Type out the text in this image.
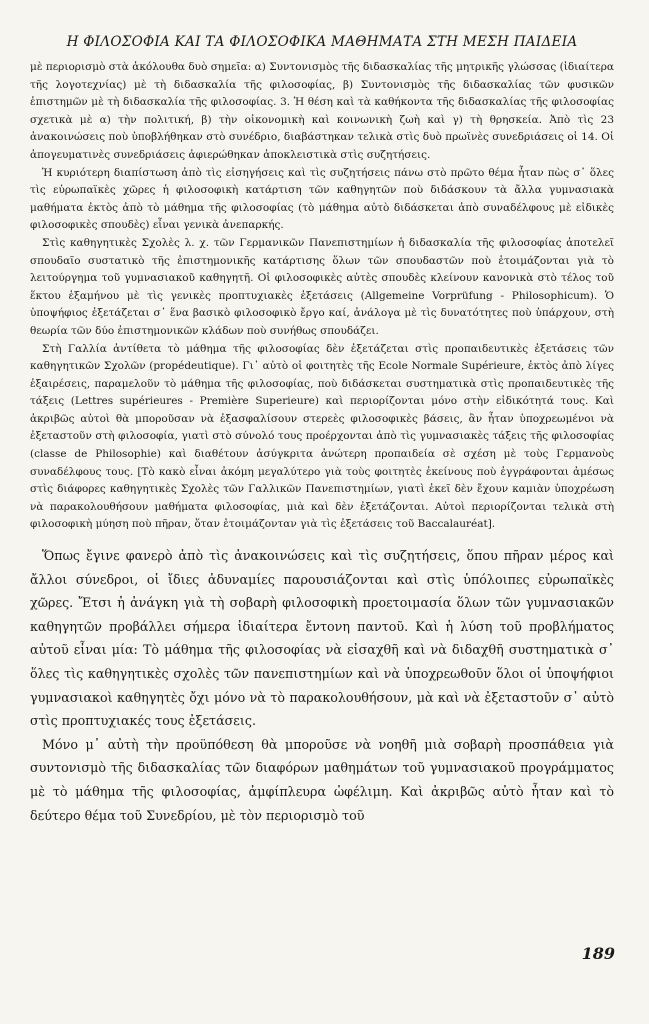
Η ΦΙΛΟΣΟΦΙΑ ΚΑΙ ΤΑ ΦΙΛΟΣΟΦΙΚΑ ΜΑΘΗΜΑΤΑ ΣΤΗ ΜΕΣΗ ΠΑΙΔΕΙΑ

μὲ περιορισμὸ στὰ ἀκόλουθα δυὸ σημεῖα: α) Συντονισμὸς τῆς διδασκαλίας τῆς μητρικῆς γλώσσας (ἰδιαίτερα τῆς λογοτεχνίας) μὲ τὴ διδασκαλία τῆς φιλοσοφίας, β) Συντονισμὸς τῆς διδασκαλίας τῶν φυσικῶν ἐπιστημῶν μὲ τὴ διδασκαλία τῆς φιλοσοφίας. 3. Ἡ θέση καὶ τὰ καθήκοντα τῆς διδασκαλίας τῆς φιλοσοφίας σχετικὰ μὲ α) τὴν πολιτική, β) τὴν οἰκονομικὴ καὶ κοινωνικὴ ζωὴ καὶ γ) τὴ θρησκεία. Ἀπὸ τὶς 23 ἀνακοινώσεις ποὺ ὑποβλήθηκαν στὸ συνέδριο, διαβάστηκαν τελικὰ στὶς δυὸ πρωϊνὲς συνεδριάσεις οἱ 14. Οἱ ἀπογευματινὲς συνεδριάσεις ἀφιερώθηκαν ἀποκλειστικὰ στὶς συζητήσεις.

Ἡ κυριότερη διαπίστωση ἀπὸ τὶς εἰσηγήσεις καὶ τὶς συζητήσεις πάνω στὸ πρῶτο θέμα ἦταν πὼς σ᾽ ὅλες τὶς εὐρωπαϊκὲς χῶρες ἡ φιλοσοφικὴ κατάρτιση τῶν καθηγητῶν ποὺ διδάσκουν τὰ ἄλλα γυμνασιακὰ μαθήματα ἐκτὸς ἀπὸ τὸ μάθημα τῆς φιλοσοφίας (τὸ μάθημα αὐτὸ διδάσκεται ἀπὸ συναδέλφους μὲ εἰδικὲς φιλοσοφικὲς σπουδὲς) εἶναι γενικὰ ἀνεπαρκής.

Στὶς καθηγητικὲς Σχολὲς λ. χ. τῶν Γερμανικῶν Πανεπιστημίων ἡ διδασκαλία τῆς φιλοσοφίας ἀποτελεῖ σπουδαῖο συστατικὸ τῆς ἐπιστημονικῆς κατάρτισης ὅλων τῶν σπουδαστῶν ποὺ ἑτοιμάζονται γιὰ τὸ λειτούργημα τοῦ γυμνασιακοῦ καθηγητῆ. Οἱ φιλοσοφικὲς αὐτὲς σπουδὲς κλείνουν κανονικὰ στὸ τέλος τοῦ ἕκτου ἑξαμήνου μὲ τὶς γενικὲς προπτυχιακὲς ἐξετάσεις (Allgemeine Vorprüfung - Philosophicum). Ὁ ὑποψήφιος ἐξετάζεται σ᾽ ἕνα βασικὸ φιλοσοφικὸ ἔργο καί, ἀνάλογα μὲ τὶς δυνατότητες ποὺ ὑπάρχουν, στὴ θεωρία τῶν δύο ἐπιστημονικῶν κλάδων ποὺ συνήθως σπουδάζει.

Στὴ Γαλλία ἀντίθετα τὸ μάθημα τῆς φιλοσοφίας δὲν ἐξετάζεται στὶς προπαιδευτικὲς ἐξετάσεις τῶν καθηγητικῶν Σχολῶν (propédeutique). Γι᾽ αὐτὸ οἱ φοιτητὲς τῆς Ecole Normale Supérieure, ἐκτὸς ἀπὸ λίγες ἐξαιρέσεις, παραμελοῦν τὸ μάθημα τῆς φιλοσοφίας, ποὺ διδάσκεται συστηματικὰ στὶς προπαιδευτικὲς τῆς τάξεις (Lettres supérieures - Première Superieure) καὶ περιορίζονται μόνο στὴν εἰδικότητά τους. Καὶ ἀκριβῶς αὐτοὶ θὰ μποροῦσαν νὰ ἐξασφαλίσουν στερεὲς φιλοσοφικὲς βάσεις, ἂν ἦταν ὑποχρεωμένοι νὰ ἐξεταστοῦν στὴ φιλοσοφία, γιατὶ στὸ σύνολό τους προέρχονται ἀπὸ τὶς γυμνασιακὲς τάξεις τῆς φιλοσοφίας (classe de Philosophie) καὶ διαθέτουν ἀσύγκριτα ἀνώτερη προπαιδεία σὲ σχέση μὲ τοὺς Γερμανοὺς συναδέλφους τους. [Τὸ κακὸ εἶναι ἀκόμη μεγαλύτερο γιὰ τοὺς φοιτητὲς ἐκείνους ποὺ ἐγγράφονται ἀμέσως στὶς διάφορες καθηγητικὲς Σχολὲς τῶν Γαλλικῶν Πανεπιστημίων, γιατὶ ἐκεῖ δὲν ἔχουν καμιὰν ὑποχρέωση νὰ παρακολουθήσουν μαθήματα φιλοσοφίας, μιὰ καὶ δὲν ἐξετάζονται. Αὐτοὶ περιορίζονται τελικὰ στὴ φιλοσοφικὴ μύηση ποὺ πῆραν, ὅταν ἑτοιμάζονταν γιὰ τὶς ἐξετάσεις τοῦ Baccalauréat].

Ὅπως ἔγινε φανερὸ ἀπὸ τὶς ἀνακοινώσεις καὶ τὶς συζητήσεις, ὅπου πῆραν μέρος καὶ ἄλλοι σύνεδροι, οἱ ἴδιες ἀδυναμίες παρουσιάζονται καὶ στὶς ὑπόλοιπες εὐρωπαϊκὲς χῶρες. Ἔτσι ἡ ἀνάγκη γιὰ τὴ σοβαρὴ φιλοσοφικὴ προετοιμασία ὅλων τῶν γυμνασιακῶν καθηγητῶν προβάλλει σήμερα ἰδιαίτερα ἔντονη παντοῦ. Καὶ ἡ λύση τοῦ προβλήματος αὐτοῦ εἶναι μία: Τὸ μάθημα τῆς φιλοσοφίας νὰ εἰσαχθῆ καὶ νὰ διδαχθῆ συστηματικὰ σ᾽ ὅλες τὶς καθηγητικὲς σχολὲς τῶν πανεπιστημίων καὶ νὰ ὑποχρεωθοῦν ὅλοι οἱ ὑποψήφιοι γυμνασιακοὶ καθηγητὲς ὄχι μόνο νὰ τὸ παρακολουθήσουν, μὰ καὶ νὰ ἐξεταστοῦν σ᾽ αὐτὸ στὶς προπτυχιακές τους ἐξετάσεις.

Μόνο μ᾽ αὐτὴ τὴν προϋπόθεση θὰ μποροῦσε νὰ νοηθῆ μιὰ σοβαρὴ προσπάθεια γιὰ συντονισμὸ τῆς διδασκαλίας τῶν διαφόρων μαθημάτων τοῦ γυμνασιακοῦ προγράμματος μὲ τὸ μάθημα τῆς φιλοσοφίας, ἀμφίπλευρα ὠφέλιμη. Καὶ ἀκριβῶς αὐτὸ ἦταν καὶ τὸ δεύτερο θέμα τοῦ Συνεδρίου, μὲ τὸν περιορισμὸ τοῦ

189
